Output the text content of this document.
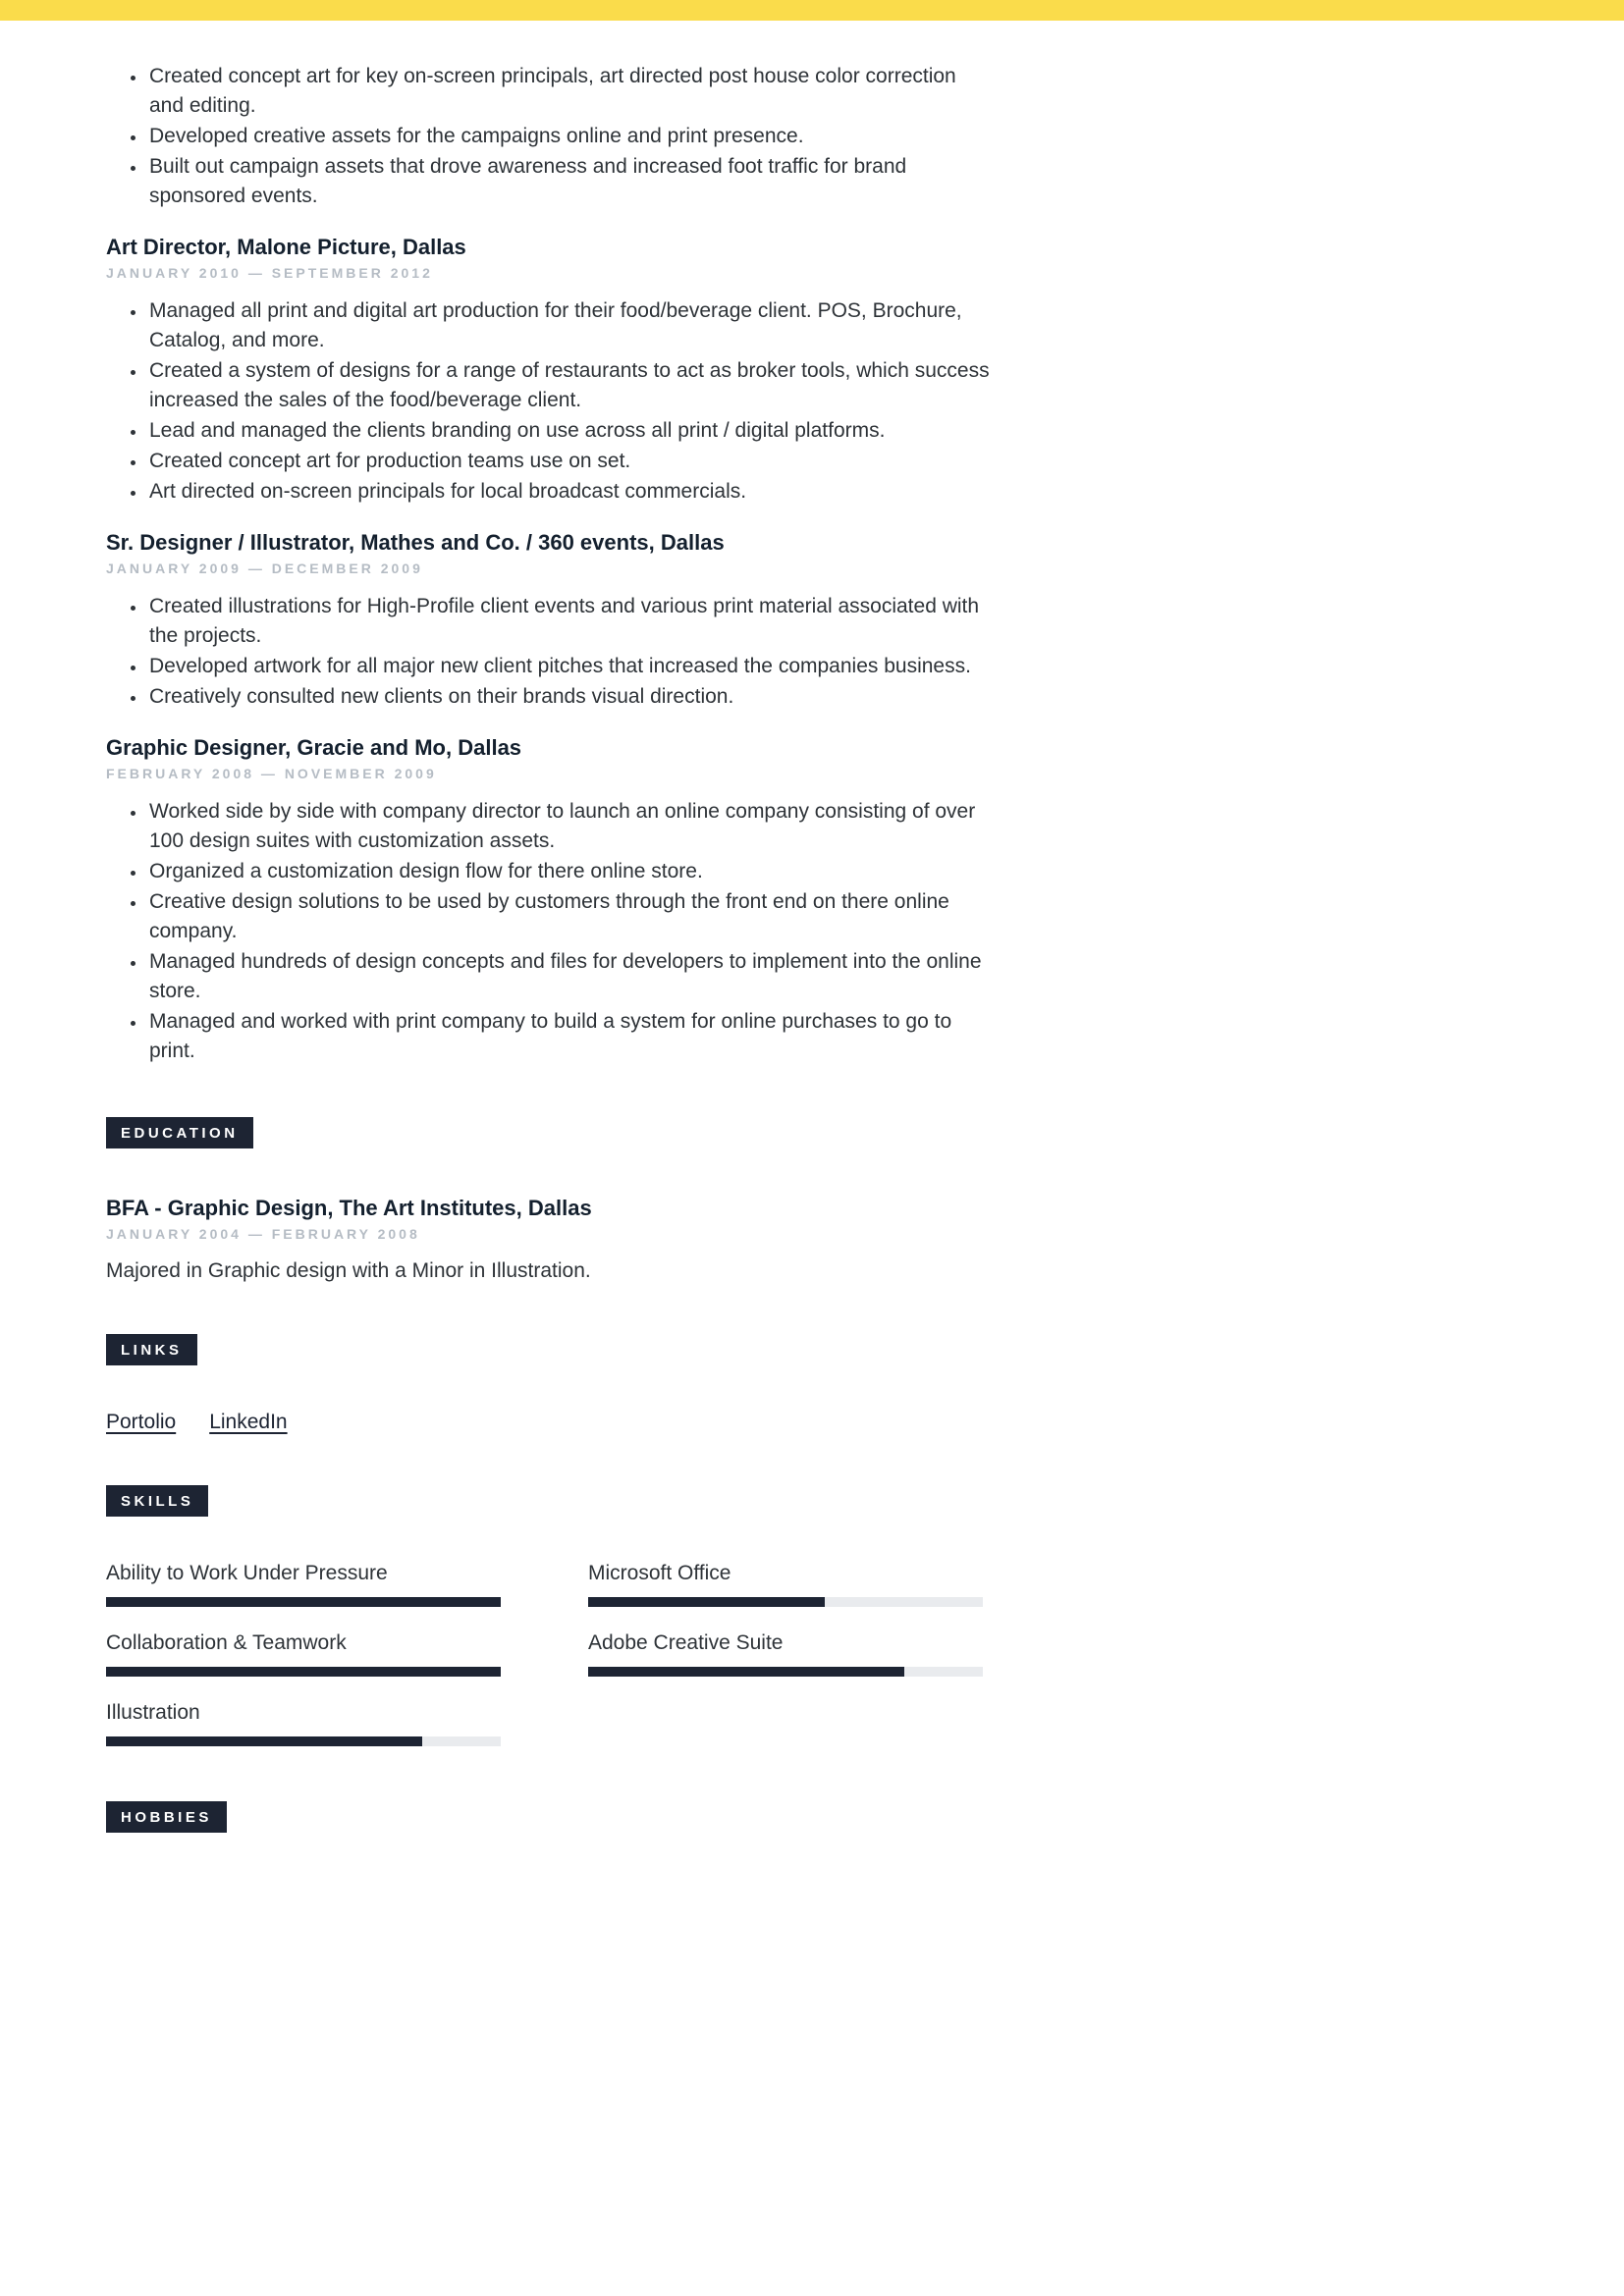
• Created concept art for key on-screen principals, art directed post house color correction and editing.
• Developed creative assets for the campaigns online and print presence.
• Built out campaign assets that drove awareness and increased foot traffic for brand sponsored events.
Art Director, Malone Picture, Dallas
JANUARY 2010 — SEPTEMBER 2012
• Managed all print and digital art production for their food/beverage client. POS, Brochure, Catalog, and more.
• Created a system of designs for a range of restaurants to act as broker tools, which success increased the sales of the food/beverage client.
• Lead and managed the clients branding on use across all print / digital platforms.
• Created concept art for production teams use on set.
• Art directed on-screen principals for local broadcast commercials.
Sr. Designer / Illustrator, Mathes and Co. / 360 events, Dallas
JANUARY 2009 — DECEMBER 2009
• Created illustrations for High-Profile client events and various print material associated with the projects.
• Developed artwork for all major new client pitches that increased the companies business.
• Creatively consulted new clients on their brands visual direction.
Graphic Designer, Gracie and Mo, Dallas
FEBRUARY 2008 — NOVEMBER 2009
• Worked side by side with company director to launch an online company consisting of over 100 design suites with customization assets.
• Organized a customization design flow for there online store.
• Creative design solutions to be used by customers through the front end on there online company.
• Managed hundreds of design concepts and files for developers to implement into the online store.
• Managed and worked with print company to build a system for online purchases to go to print.
EDUCATION
BFA - Graphic Design, The Art Institutes, Dallas
JANUARY 2004 — FEBRUARY 2008
Majored in Graphic design with a Minor in Illustration.
LINKS
Portolio LinkedIn
SKILLS
Ability to Work Under Pressure	Microsoft Office
Collaboration & Teamwork	Adobe Creative Suite
Illustration
HOBBIES
